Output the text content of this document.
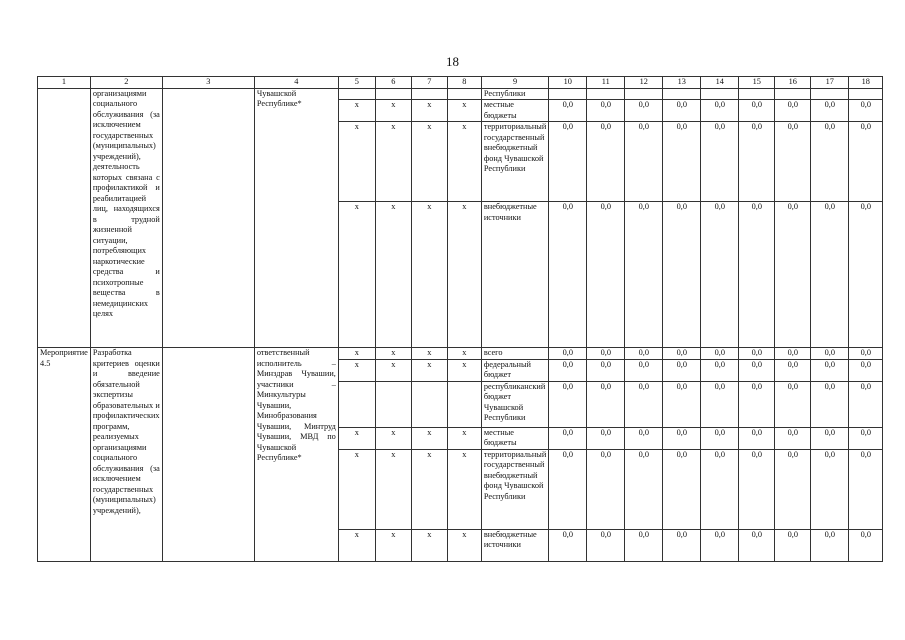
18
1	2	3	4	5	6	7	8	9	10	11	12	13	14	15	16	17	18
	организациями социального обслуживания (за исключением государственных (муниципальных) учреждений), деятельность которых связана с профилактикой и реабилитацией лиц, находящихся в трудной жизненной ситуации, потребляющих наркотические средства и психотропные вещества в немедицинских целях		Чувашской Республике*					Республики									
				x	x	x	x	местные бюджеты	0,0	0,0	0,0	0,0	0,0	0,0	0,0	0,0	0,0
				x	x	x	x	территориальный государственный внебюджетный фонд Чувашской Республики	0,0	0,0	0,0	0,0	0,0	0,0	0,0	0,0	0,0
				x	x	x	x	внебюджетные источники	0,0	0,0	0,0	0,0	0,0	0,0	0,0	0,0	0,0
Мероприятие 4.5	Разработка критериев оценки и введение обязательной экспертизы образовательных и профилактических программ, реализуемых организациями социального обслуживания (за исключением государственных (муниципальных) учреждений),		ответственный исполнитель – Минздрав Чувашии, участники – Минкультуры Чувашии, Минобразования Чувашии, Минтруд Чувашии, МВД по Чувашской Республике*	x	x	x	x	всего	0,0	0,0	0,0	0,0	0,0	0,0	0,0	0,0	0,0
				x	x	x	x	федеральный бюджет	0,0	0,0	0,0	0,0	0,0	0,0	0,0	0,0	0,0
								республиканский бюджет Чувашской Республики	0,0	0,0	0,0	0,0	0,0	0,0	0,0	0,0	0,0
				x	x	x	x	местные бюджеты	0,0	0,0	0,0	0,0	0,0	0,0	0,0	0,0	0,0
				x	x	x	x	территориальный государственный внебюджетный фонд Чувашской Республики	0,0	0,0	0,0	0,0	0,0	0,0	0,0	0,0	0,0
				x	x	x	x	внебюджетные источники	0,0	0,0	0,0	0,0	0,0	0,0	0,0	0,0	0,0
